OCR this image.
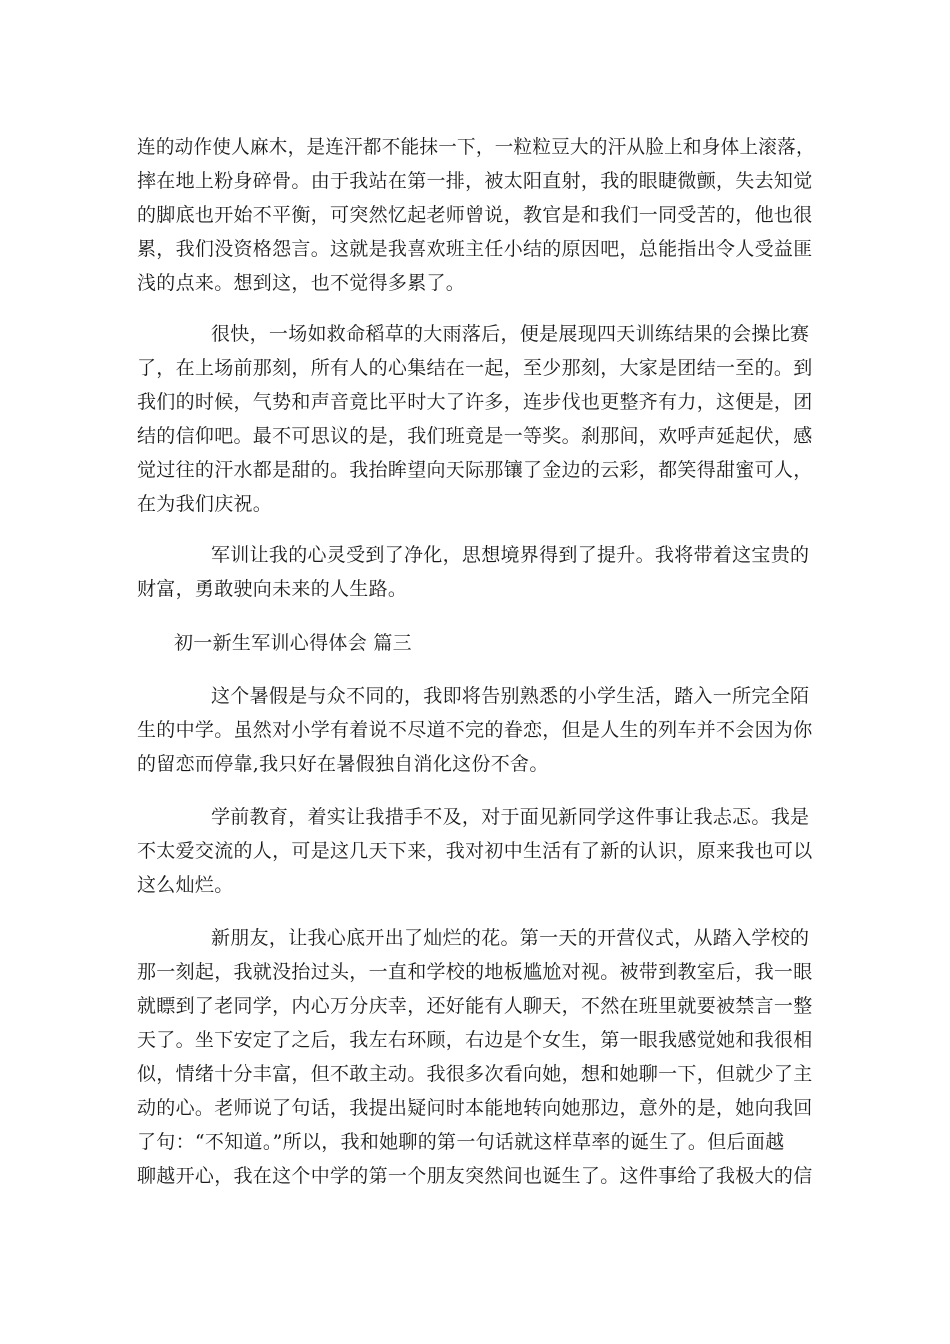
连的动作使人麻木，是连汗都不能抹一下，一粒粒豆大的汗从脸上和身体上滚落，
摔在地上粉身碎骨。由于我站在第一排，被太阳直射，我的眼睫微颤，失去知觉
的脚底也开始不平衡，可突然忆起老师曾说，教官是和我们一同受苦的，他也很
累，我们没资格怨言。这就是我喜欢班主任小结的原因吧，总能指出令人受益匪
浅的点来。想到这，也不觉得多累了。
很快，一场如救命稻草的大雨落后，便是展现四天训练结果的会操比赛
了，在上场前那刻，所有人的心集结在一起，至少那刻，大家是团结一至的。到
我们的时候，气势和声音竟比平时大了许多，连步伐也更整齐有力，这便是，团
结的信仰吧。最不可思议的是，我们班竟是一等奖。刹那间，欢呼声延起伏，感
觉过往的汗水都是甜的。我抬眸望向天际那镶了金边的云彩，都笑得甜蜜可人，
在为我们庆祝。
军训让我的心灵受到了净化，思想境界得到了提升。我将带着这宝贵的
财富，勇敢驶向未来的人生路。
初一新生军训心得体会 篇三
这个暑假是与众不同的，我即将告别熟悉的小学生活，踏入一所完全陌
生的中学。虽然对小学有着说不尽道不完的眷恋，但是人生的列车并不会因为你
的留恋而停靠,我只好在暑假独自消化这份不舍。
学前教育，着实让我措手不及，对于面见新同学这件事让我忐忑。我是
不太爱交流的人，可是这几天下来，我对初中生活有了新的认识，原来我也可以
这么灿烂。
新朋友，让我心底开出了灿烂的花。第一天的开营仪式，从踏入学校的
那一刻起，我就没抬过头，一直和学校的地板尴尬对视。被带到教室后，我一眼
就瞟到了老同学，内心万分庆幸，还好能有人聊天，不然在班里就要被禁言一整
天了。坐下安定了之后，我左右环顾，右边是个女生，第一眼我感觉她和我很相
似，情绪十分丰富，但不敢主动。我很多次看向她，想和她聊一下，但就少了主
动的心。老师说了句话，我提出疑问时本能地转向她那边，意外的是，她向我回
了句：“不知道。”所以，我和她聊的第一句话就这样草率的诞生了。但后面越
聊越开心，我在这个中学的第一个朋友突然间也诞生了。这件事给了我极大的信
